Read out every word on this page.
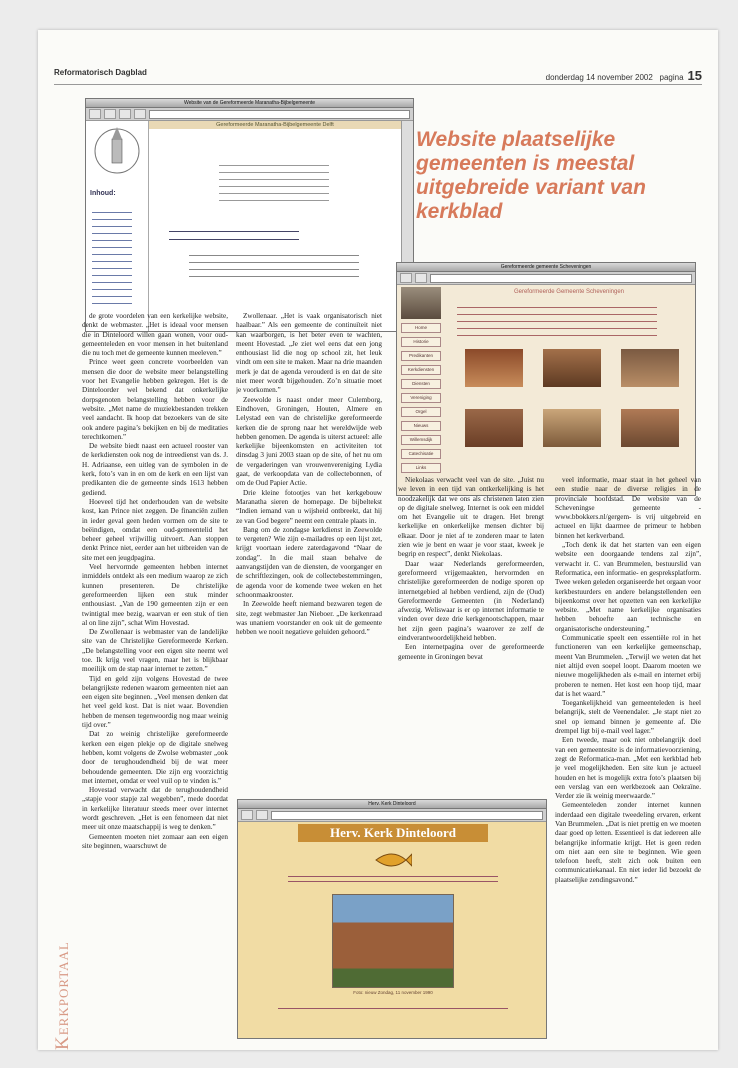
Reformatorisch Dagblad
donderdag 14 november 2002 pagina 15
Website van de Gereformeerde Maranatha-Bijbelgemeente
Inhoud:
Gereformeerde Maranatha-Bijbelgemeente Delft
Website plaatselijke gemeenten is meestal uitgebreide variant van kerkblad
Gereformeerde gemeente Scheveningen
Home
Historie
Predikanten
Kerkdiensten
Diensten
Vereniging
Orgel
Nieuws
Willemsdijk
Catechisatie
Links
Gereformeerde Gemeente Scheveningen
Herv. Kerk Dinteloord
Herv. Kerk Dinteloord
Foto: nieuw Zondag, 11 november 1990
Kerkportaal

de grote voordelen van een kerkelijke website, denkt de webmaster. „Het is ideaal voor mensen die in Dinteloord willen gaan wonen, voor oud-gemeenteleden en voor mensen in het buitenland die nu toch met de gemeente kunnen meeleven.”

Prince weet geen concrete voorbeelden van mensen die door de website meer belangstelling voor het Evangelie hebben gekregen. Het is de Dinteloorder wel bekend dat onkerkelijke dorpsgenoten belangstelling hebben voor de website. „Met name de muziekbestanden trekken veel aandacht. Ik hoop dat bezoekers van de site ook andere pagina’s bekijken en bij de meditaties terechtkomen.”

De website biedt naast een actueel rooster van de kerkdiensten ook nog de intreedienst van ds. J. H. Adriaanse, een uitleg van de symbolen in de kerk, foto’s van in en om de kerk en een lijst van predikanten die de gemeente sinds 1613 hebben gediend.

Hoeveel tijd het onderhouden van de website kost, kan Prince niet zeggen. De financiën zullen in ieder geval geen heden vormen om de site te beëindigen, omdat een oud-gemeentelid het beheer geheel vrijwillig uitvoert. Aan stoppen denkt Prince niet, eerder aan het uitbreiden van de site met een jeugdpagina.

Veel hervormde gemeenten hebben internet inmiddels ontdekt als een medium waarop ze zich kunnen presenteren. De christelijke gereformeerden lijken een stuk minder enthousiast. „Van de 190 gemeenten zijn er een twintigtal mee bezig, waarvan er een stuk of tien al on line zijn”, schat Wim Hovestad.

De Zwollenaar is webmaster van de landelijke site van de Christelijke Gereformeerde Kerken. „De belangstelling voor een eigen site neemt wel toe. Ik krijg veel vragen, maar het is blijkbaar moeilijk om de stap naar internet te zetten.”

Tijd en geld zijn volgens Hovestad de twee belangrijkste redenen waarom gemeenten niet aan een eigen site beginnen. „Veel mensen denken dat het veel geld kost. Dat is niet waar. Bovendien hebben de mensen tegenwoordig nog maar weinig tijd over.”

Dat zo weinig christelijke gereformeerde kerken een eigen plekje op de digitale snelweg hebben, komt volgens de Zwolse webmaster „ook door de terughoudendheid bij de wat meer behoudende gemeenten. Die zijn erg voorzichtig met internet, omdat er veel vuil op te vinden is.”

Hovestad verwacht dat de terughoudendheid „stapje voor stapje zal wegebben”, mede doordat in kerkelijke literatuur steeds meer over internet wordt geschreven. „Het is een fenomeen dat niet meer uit onze maatschappij is weg te denken.”

Gemeenten moeten niet zomaar aan een eigen site beginnen, waarschuwt de

Zwollenaar. „Het is vaak organisatorisch niet haalbaar.” Als een gemeente de continuïteit niet kan waarborgen, is het beter even te wachten, meent Hovestad. „Je ziet wel eens dat een jong enthousiast lid die nog op school zit, het leuk vindt om een site te maken. Maar na drie maanden merk je dat de agenda verouderd is en dat de site niet meer wordt bijgehouden. Zo’n situatie moet je voorkomen.”

Zeewolde is naast onder meer Culemborg, Eindhoven, Groningen, Houten, Almere en Lelystad een van de christelijke gereformeerde kerken die de sprong naar het wereldwijde web hebben genomen. De agenda is uiterst actueel: alle kerkelijke bijeenkomsten en activiteiten tot dinsdag 3 juni 2003 staan op de site, of het nu om de vergaderingen van vrouwenvereniging Lydia gaat, de verkoopdata van de collectebonnen, of om de Oud Papier Actie.

Drie kleine fotootjes van het kerkgebouw Maranatha sieren de homepage. De bijbeltekst “Indien iemand van u wijsheid ontbreekt, dat hij ze van God begere” neemt een centrale plaats in.

Bang om de zondagse kerkdienst in Zeewolde te vergeten? Wie zijn e-mailadres op een lijst zet, krijgt voortaan iedere zaterdagavond “Naar de zondag”. In die mail staan behalve de aanvangstijden van de diensten, de voorganger en de schriftlezingen, ook de collectebestemmingen, de agenda voor de komende twee weken en het schoonmaakrooster.

In Zeewolde heeft niemand bezwaren tegen de site, zegt webmaster Jan Nieboer. „De kerkenraad was unaniem voorstander en ook uit de gemeente hebben we nooit negatieve geluiden gehoord.”

Niekolaas verwacht veel van de site. „Juist nu we leven in een tijd van ontkerkelijking is het noodzakelijk dat we ons als christenen laten zien op de digitale snelweg. Internet is ook een middel om het Evangelie uit te dragen. Het brengt kerkelijke en onkerkelijke mensen dichter bij elkaar. Door je niet af te zonderen maar te laten zien wie je bent en waar je voor staat, kweek je begrip en respect”, denkt Niekolaas.

Daar waar Nederlands gereformeerden, gereformeerd vrijgemaakten, hervormden en christelijke gereformeerden de nodige sporen op internetgebied al hebben verdiend, zijn de (Oud) Gereformeerde Gemeenten (in Nederland) afwezig. Weliswaar is er op internet informatie te vinden over deze drie kerkgenootschappen, maar het zijn geen pagina’s waarover ze zelf de eindverantwoordelijkheid hebben.

Een internetpagina over de gereformeerde gemeente in Groningen bevat

veel informatie, maar staat in het geheel van een studie naar de diverse religies in de provinciale hoofdstad. De website van de Scheveningse gemeente -www.bbokkers.nl/gergem- is vrij uitgebreid en actueel en lijkt daarmee de primeur te hebben binnen het kerkverband.

„Toch denk ik dat het starten van een eigen website een doorgaande tendens zal zijn”, verwacht ir. C. van Brummelen, bestuurslid van Reformatica, een informatie- en gespreksplatform. Twee weken geleden organiseerde het orgaan voor kerkbestuurders en andere belangstellenden een bijeenkomst over het opzetten van een kerkelijke website. „Met name kerkelijke organisaties hebben behoefte aan technische en organisatorische ondersteuning.”

Communicatie speelt een essentiële rol in het functioneren van een kerkelijke gemeenschap, meent Van Brummelen. „Terwijl we weten dat het niet altijd even soepel loopt. Daarom moeten we nieuwe mogelijkheden als e-mail en internet erbij proberen te nemen. Het kost een hoop tijd, maar dat is het waard.”

Toegankelijkheid van gemeenteleden is heel belangrijk, stelt de Veenendaler. „Je stapt niet zo snel op iemand binnen je gemeente af. Die drempel ligt bij e-mail veel lager.”

Een tweede, maar ook niet onbelangrijk doel van een gemeentesite is de informatievoorziening, zegt de Reformatica-man. „Met een kerkblad heb je veel mogelijkheden. Een site kun je actueel houden en het is mogelijk extra foto’s plaatsen bij een verslag van een werkbezoek aan Oekraïne. Verder zie ik weinig meerwaarde.”

Gemeenteleden zonder internet kunnen inderdaad een digitale tweedeling ervaren, erkent Van Brummelen. „Dat is niet prettig en we moeten daar goed op letten. Essentieel is dat iedereen alle belangrijke informatie krijgt. Het is geen reden om niet aan een site te beginnen. Wie geen telefoon heeft, stelt zich ook buiten een communicatiekanaal. En niet ieder lid bezoekt de plaatselijke zendingsavond.”
